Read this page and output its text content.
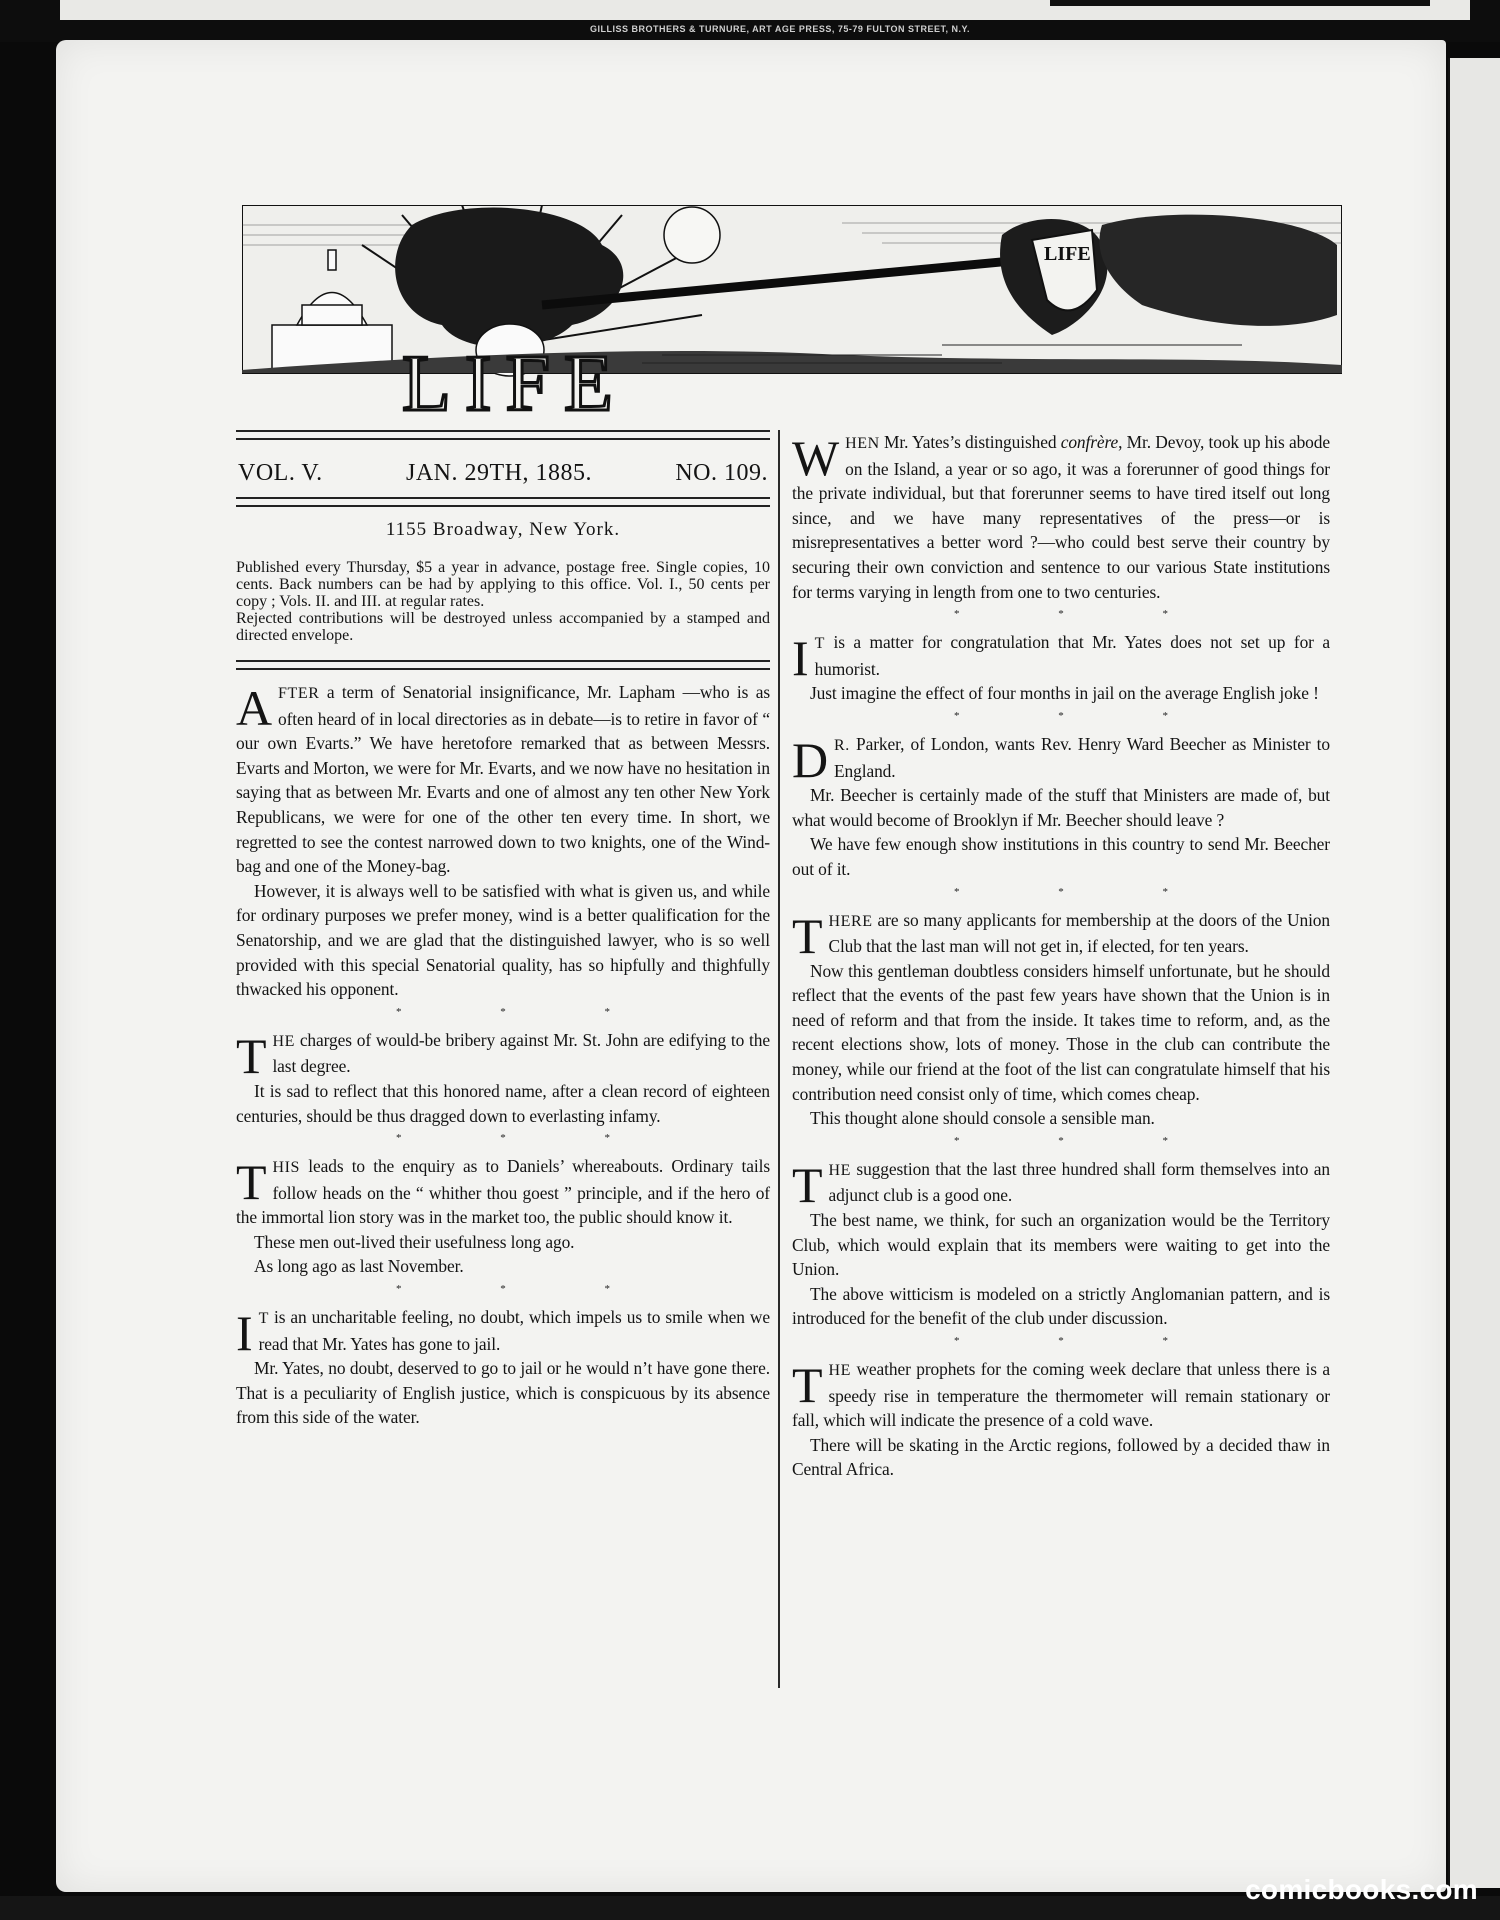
GILLISS BROTHERS & TURNURE, ART AGE PRESS, 75-79 FULTON STREET, N.Y.
LIFE
LIFE
VOL. V.	JAN. 29TH, 1885.	NO. 109.
1155 Broadway, New York.

Published every Thursday, $5 a year in advance, postage free. Single copies, 10 cents. Back numbers can be had by applying to this office. Vol. I., 50 cents per copy ; Vols. II. and III. at regular rates.

Rejected contributions will be destroyed unless accompanied by a stamped and directed envelope.

AFTER a term of Senatorial insignificance, Mr. Lapham —who is as often heard of in local directories as in debate—is to retire in favor of “ our own Evarts.” We have heretofore remarked that as between Messrs. Evarts and Morton, we were for Mr. Evarts, and we now have no hesitation in saying that as between Mr. Evarts and one of almost any ten other New York Republicans, we were for one of the other ten every time. In short, we regretted to see the contest narrowed down to two knights, one of the Wind-bag and one of the Money-bag.

However, it is always well to be satisfied with what is given us, and while for ordinary purposes we prefer money, wind is a better qualification for the Senatorship, and we are glad that the distinguished lawyer, who is so well provided with this special Senatorial quality, has so hipfully and thighfully thwacked his opponent.

* * *

THE charges of would-be bribery against Mr. St. John are edifying to the last degree.

It is sad to reflect that this honored name, after a clean record of eighteen centuries, should be thus dragged down to everlasting infamy.

* * *

THIS leads to the enquiry as to Daniels’ whereabouts. Ordinary tails follow heads on the “ whither thou goest ” principle, and if the hero of the immortal lion story was in the market too, the public should know it.

These men out-lived their usefulness long ago.

As long ago as last November.

* * *

IT is an uncharitable feeling, no doubt, which impels us to smile when we read that Mr. Yates has gone to jail.

Mr. Yates, no doubt, deserved to go to jail or he would n’t have gone there. That is a peculiarity of English justice, which is conspicuous by its absence from this side of the water.

WHEN Mr. Yates’s distinguished confrère, Mr. Devoy, took up his abode on the Island, a year or so ago, it was a forerunner of good things for the private individual, but that forerunner seems to have tired itself out long since, and we have many representatives of the press—or is misrepresentatives a better word ?—who could best serve their country by securing their own conviction and sentence to our various State institutions for terms varying in length from one to two centuries.

* * *

IT is a matter for congratulation that Mr. Yates does not set up for a humorist.

Just imagine the effect of four months in jail on the average English joke !

* * *

DR. Parker, of London, wants Rev. Henry Ward Beecher as Minister to England.

Mr. Beecher is certainly made of the stuff that Ministers are made of, but what would become of Brooklyn if Mr. Beecher should leave ?

We have few enough show institutions in this country to send Mr. Beecher out of it.

* * *

THERE are so many applicants for membership at the doors of the Union Club that the last man will not get in, if elected, for ten years.

Now this gentleman doubtless considers himself unfortunate, but he should reflect that the events of the past few years have shown that the Union is in need of reform and that from the inside. It takes time to reform, and, as the recent elections show, lots of money. Those in the club can contribute the money, while our friend at the foot of the list can congratulate himself that his contribution need consist only of time, which comes cheap.

This thought alone should console a sensible man.

* * *

THE suggestion that the last three hundred shall form themselves into an adjunct club is a good one.

The best name, we think, for such an organization would be the Territory Club, which would explain that its members were waiting to get into the Union.

The above witticism is modeled on a strictly Anglomanian pattern, and is introduced for the benefit of the club under discussion.

* * *

THE weather prophets for the coming week declare that unless there is a speedy rise in temperature the thermometer will remain stationary or fall, which will indicate the presence of a cold wave.

There will be skating in the Arctic regions, followed by a decided thaw in Central Africa.

comicbooks.com
